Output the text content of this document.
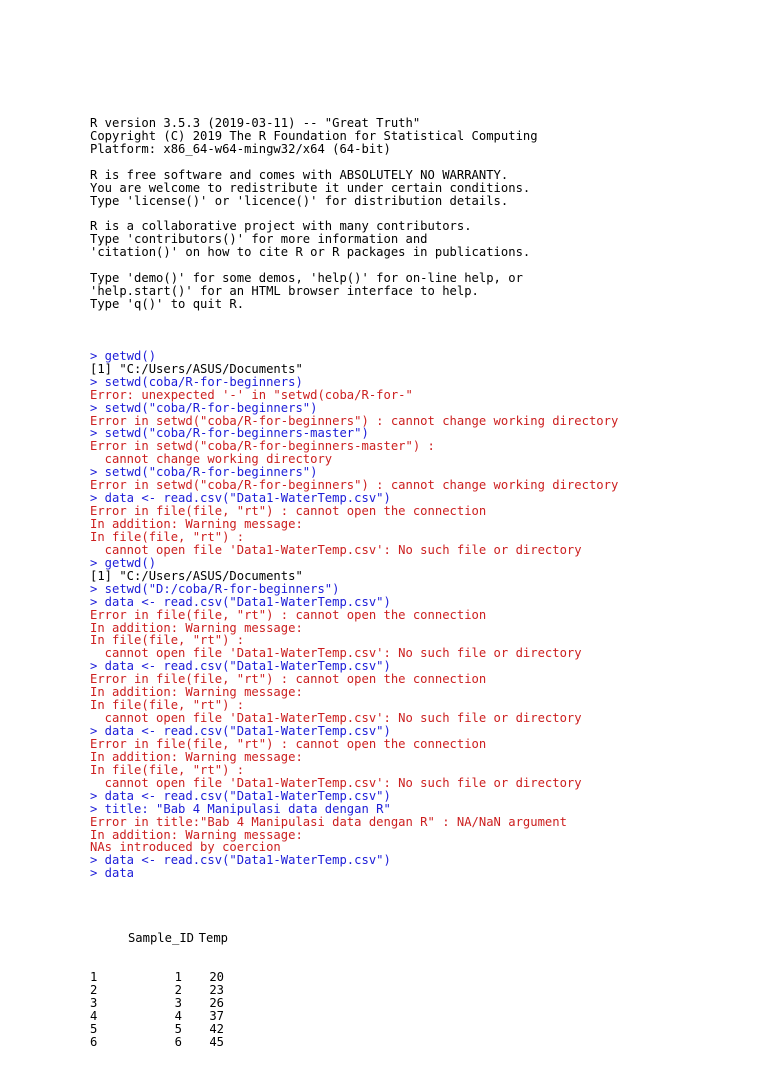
R version 3.5.3 (2019-03-11) -- "Great Truth"
Copyright (C) 2019 The R Foundation for Statistical Computing
Platform: x86_64-w64-mingw32/x64 (64-bit)
R is free software and comes with ABSOLUTELY NO WARRANTY.
You are welcome to redistribute it under certain conditions.
Type 'license()' or 'licence()' for distribution details.
R is a collaborative project with many contributors.
Type 'contributors()' for more information and
'citation()' on how to cite R or R packages in publications.
Type 'demo()' for some demos, 'help()' for on-line help, or
'help.start()' for an HTML browser interface to help.
Type 'q()' to quit R.

> getwd()
[1] "C:/Users/ASUS/Documents"
> setwd(coba/R-for-beginners)
Error: unexpected '-' in "setwd(coba/R-for-"
> setwd("coba/R-for-beginners")
Error in setwd("coba/R-for-beginners") : cannot change working directory
> setwd("coba/R-for-beginners-master")
Error in setwd("coba/R-for-beginners-master") :
cannot change working directory
> setwd("coba/R-for-beginners")
Error in setwd("coba/R-for-beginners") : cannot change working directory
> data <- read.csv("Data1-WaterTemp.csv")
Error in file(file, "rt") : cannot open the connection
In addition: Warning message:
In file(file, "rt") :
cannot open file 'Data1-WaterTemp.csv': No such file or directory
> getwd()
[1] "C:/Users/ASUS/Documents"
> setwd("D:/coba/R-for-beginners")
> data <- read.csv("Data1-WaterTemp.csv")
Error in file(file, "rt") : cannot open the connection
In addition: Warning message:
In file(file, "rt") :
cannot open file 'Data1-WaterTemp.csv': No such file or directory
> data <- read.csv("Data1-WaterTemp.csv")
Error in file(file, "rt") : cannot open the connection
In addition: Warning message:
In file(file, "rt") :
cannot open file 'Data1-WaterTemp.csv': No such file or directory
> data <- read.csv("Data1-WaterTemp.csv")
Error in file(file, "rt") : cannot open the connection
In addition: Warning message:
In file(file, "rt") :
cannot open file 'Data1-WaterTemp.csv': No such file or directory
> data <- read.csv("Data1-WaterTemp.csv")
> title: "Bab 4 Manipulasi data dengan R"
Error in title:"Bab 4 Manipulasi data dengan R" : NA/NaN argument
In addition: Warning message:
NAs introduced by coercion
> data <- read.csv("Data1-WaterTemp.csv")
> data

Sample_ID Temp

1	1	20
2	2	23
3	3	26
4	4	37
5	5	42
6	6	45
